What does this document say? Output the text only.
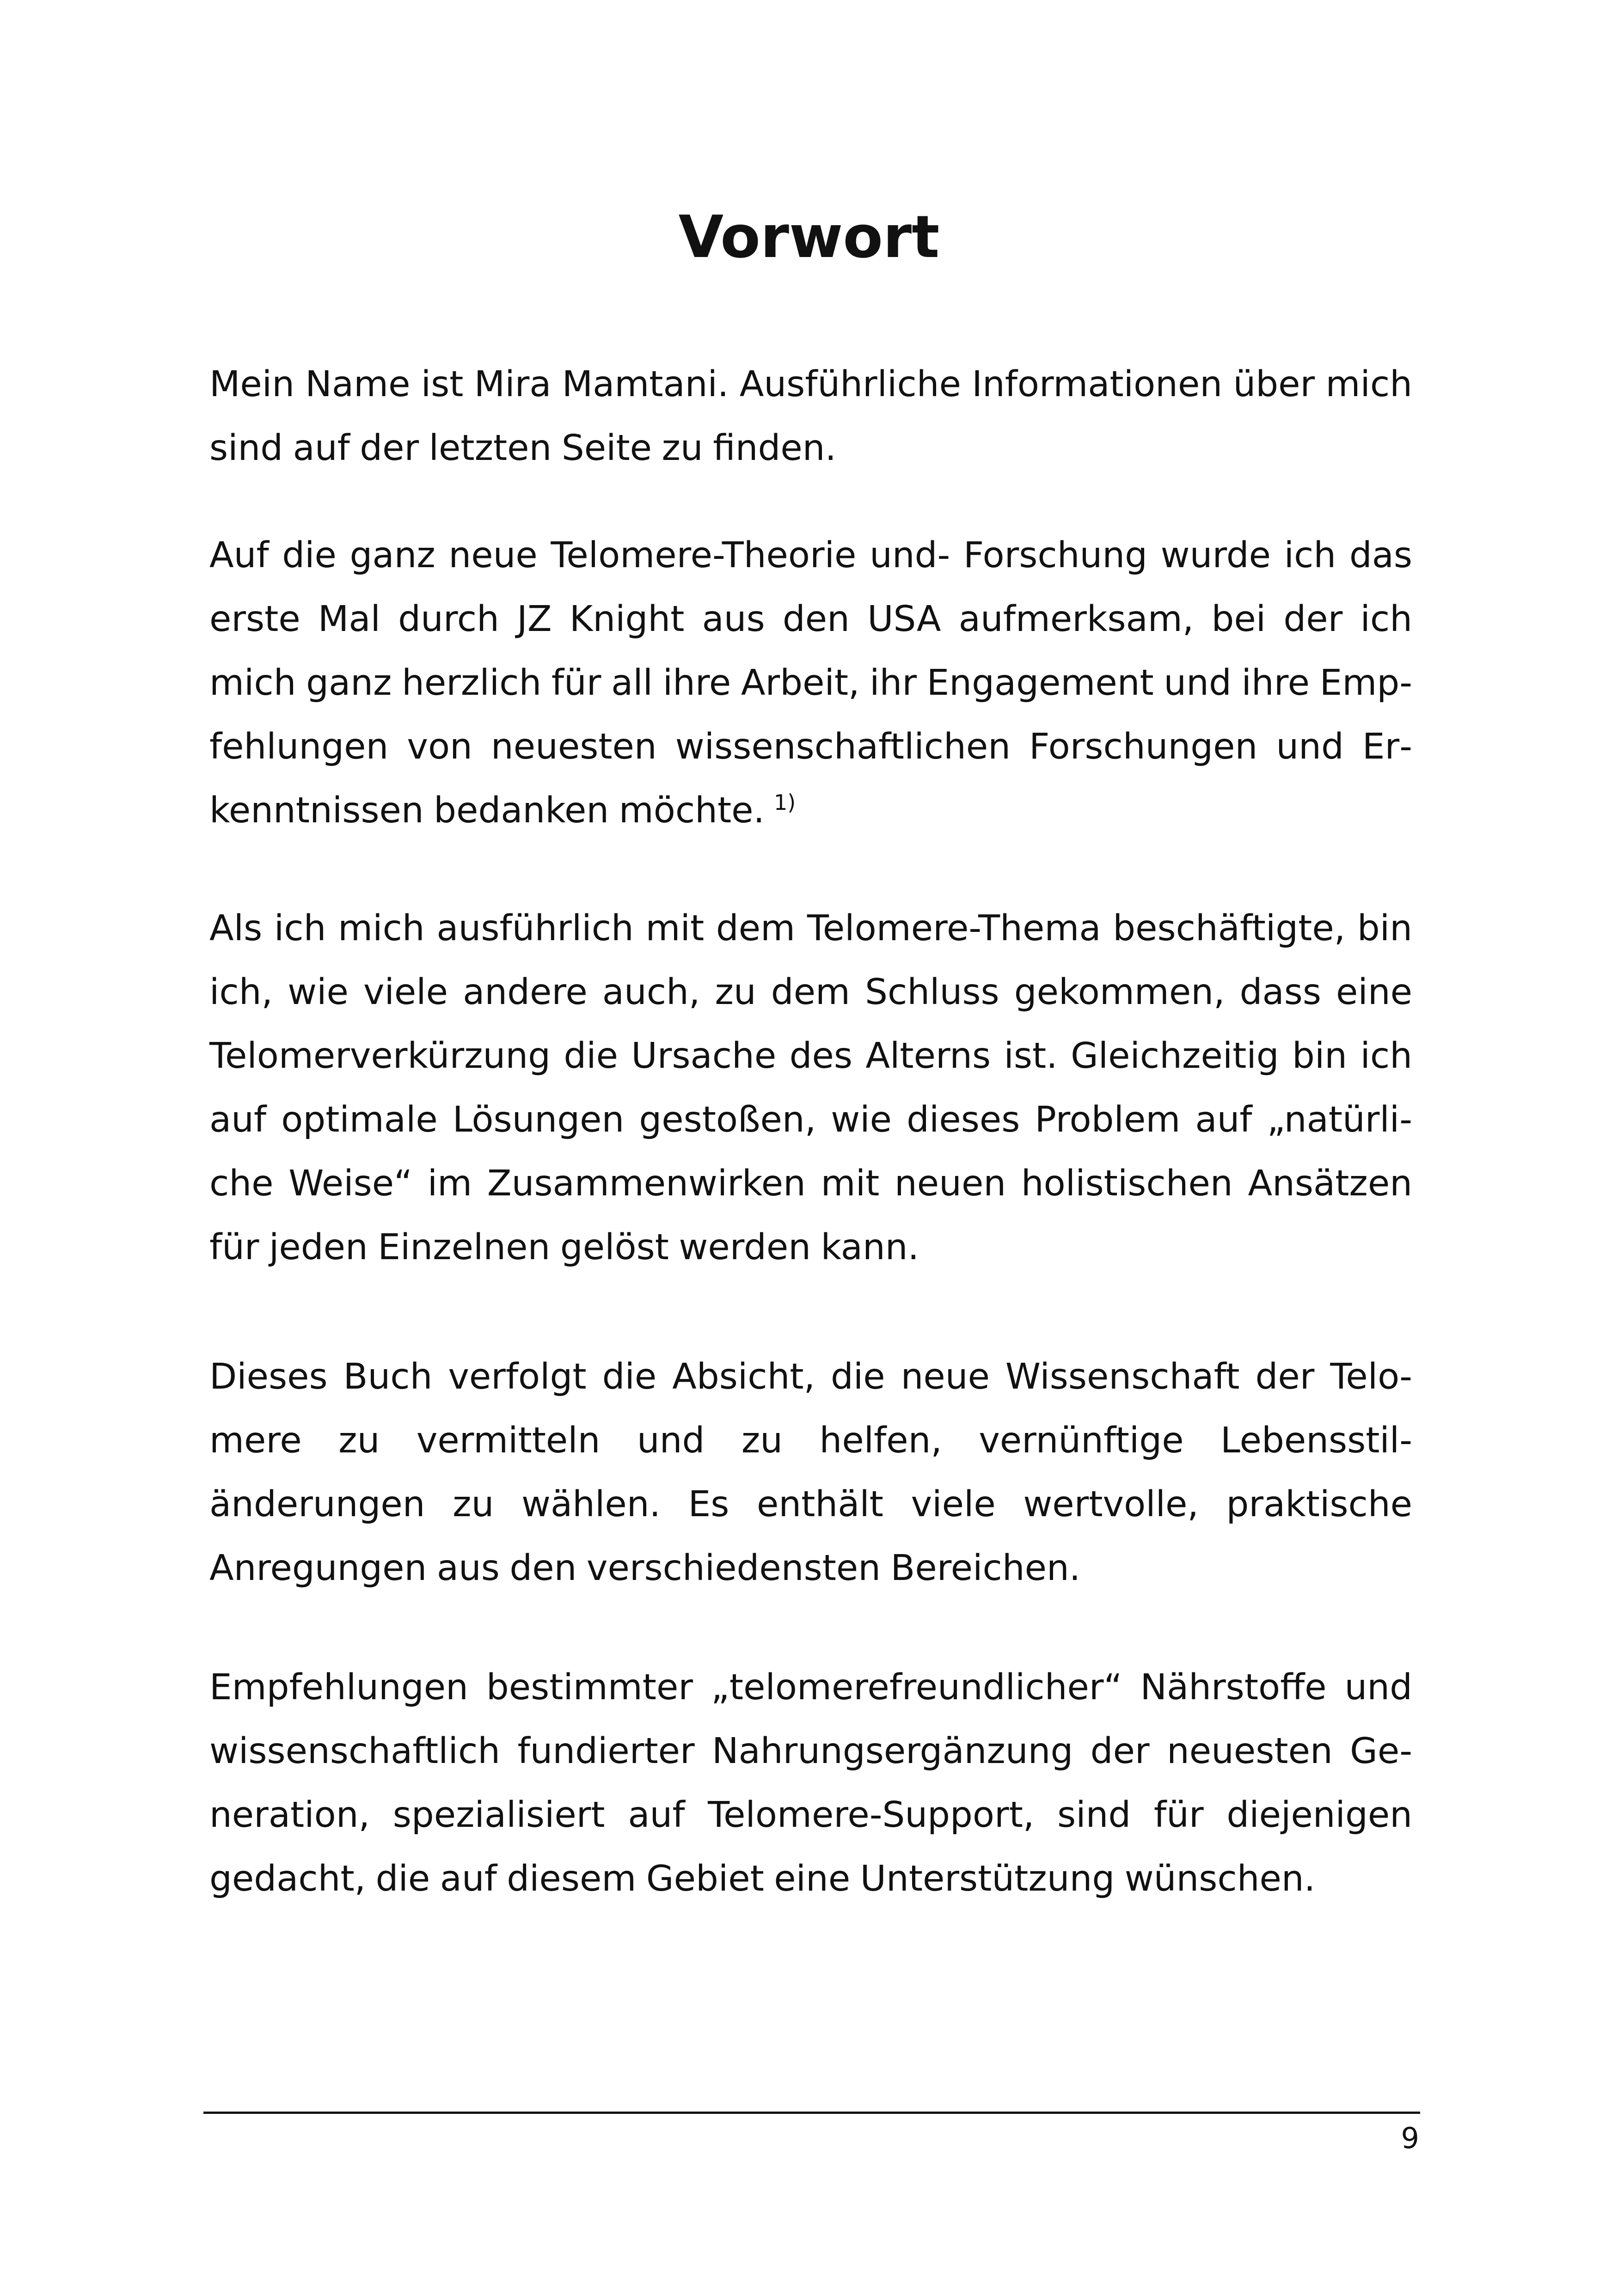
Vorwort

Mein Name ist Mira Mamtani. Ausführliche Informationen über mich sind auf der letzten Seite zu finden.

Auf die ganz neue Telomere-Theorie und- Forschung wurde ich das erste Mal durch JZ Knight aus den USA aufmerksam, bei der ich mich ganz herzlich für all ihre Arbeit, ihr Engagement und ihre Empfehlungen von neuesten wissenschaftlichen Forschungen und Erkenntnissen bedanken möchte. $^{1)}$

Als ich mich ausführlich mit dem Telomere-Thema beschäftigte, bin ich, wie viele andere auch, zu dem Schluss gekommen, dass eine Telomerverkürzung die Ursache des Alterns ist. Gleichzeitig bin ich auf optimale Lösungen gestoßen, wie dieses Problem auf „natürliche Weise“ im Zusammenwirken mit neuen holistischen Ansätzen für jeden Einzelnen gelöst werden kann.

Dieses Buch verfolgt die Absicht, die neue Wissenschaft der Telomere zu vermitteln und zu helfen, vernünftige Lebensstiländerungen zu wählen. Es enthält viele wertvolle, praktische Anregungen aus den verschiedensten Bereichen.

Empfehlungen bestimmter „telomerefreundlicher“ Nährstoffe und wissenschaftlich fundierter Nahrungsergänzung der neuesten Generation, spezialisiert auf Telomere-Support, sind für diejenigen gedacht, die auf diesem Gebiet eine Unterstützung wünschen.

9
